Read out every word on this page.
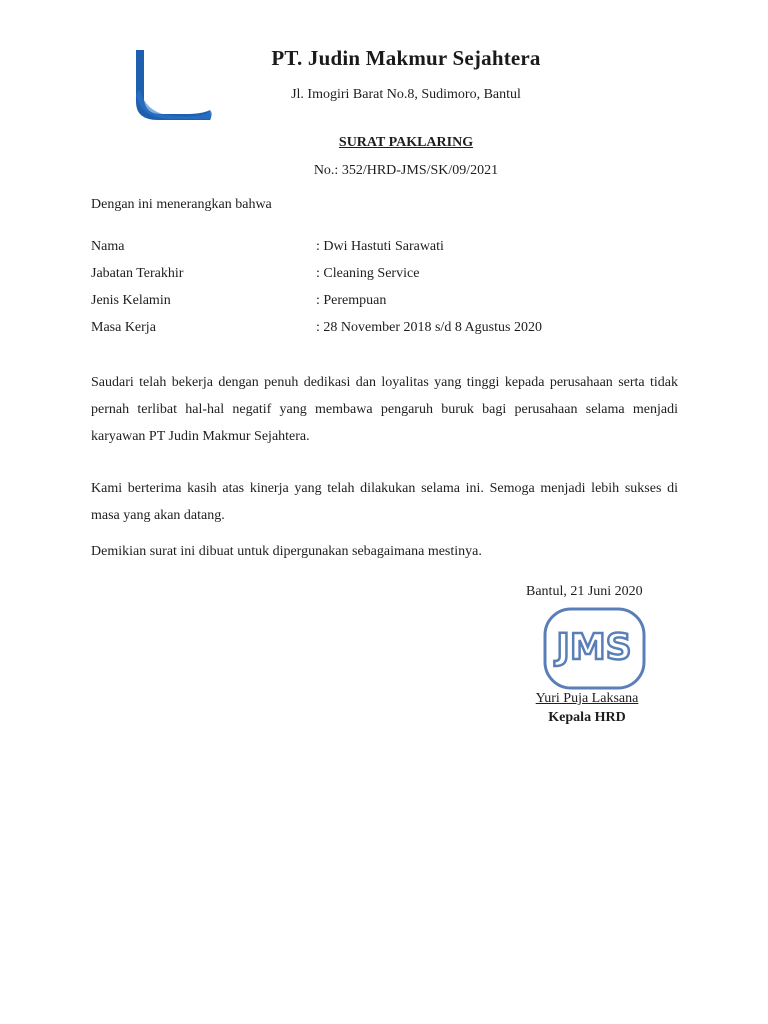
PT. Judin Makmur Sejahtera
Jl. Imogiri Barat No.8, Sudimoro, Bantul
SURAT PAKLARING
No.: 352/HRD-JMS/SK/09/2021
Dengan ini menerangkan bahwa
Nama	: Dwi Hastuti Sarawati
Jabatan Terakhir	: Cleaning Service
Jenis Kelamin	: Perempuan
Masa Kerja	: 28 November 2018 s/d 8 Agustus 2020
Saudari telah bekerja dengan penuh dedikasi dan loyalitas yang tinggi kepada perusahaan serta tidak pernah terlibat hal-hal negatif yang membawa pengaruh buruk bagi perusahaan selama menjadi karyawan PT Judin Makmur Sejahtera.
Kami berterima kasih atas kinerja yang telah dilakukan selama ini. Semoga menjadi lebih sukses di masa yang akan datang.
Demikian surat ini dibuat untuk dipergunakan sebagaimana mestinya.
Bantul, 21 Juni 2020
JMS
Yuri Puja Laksana
Kepala HRD
